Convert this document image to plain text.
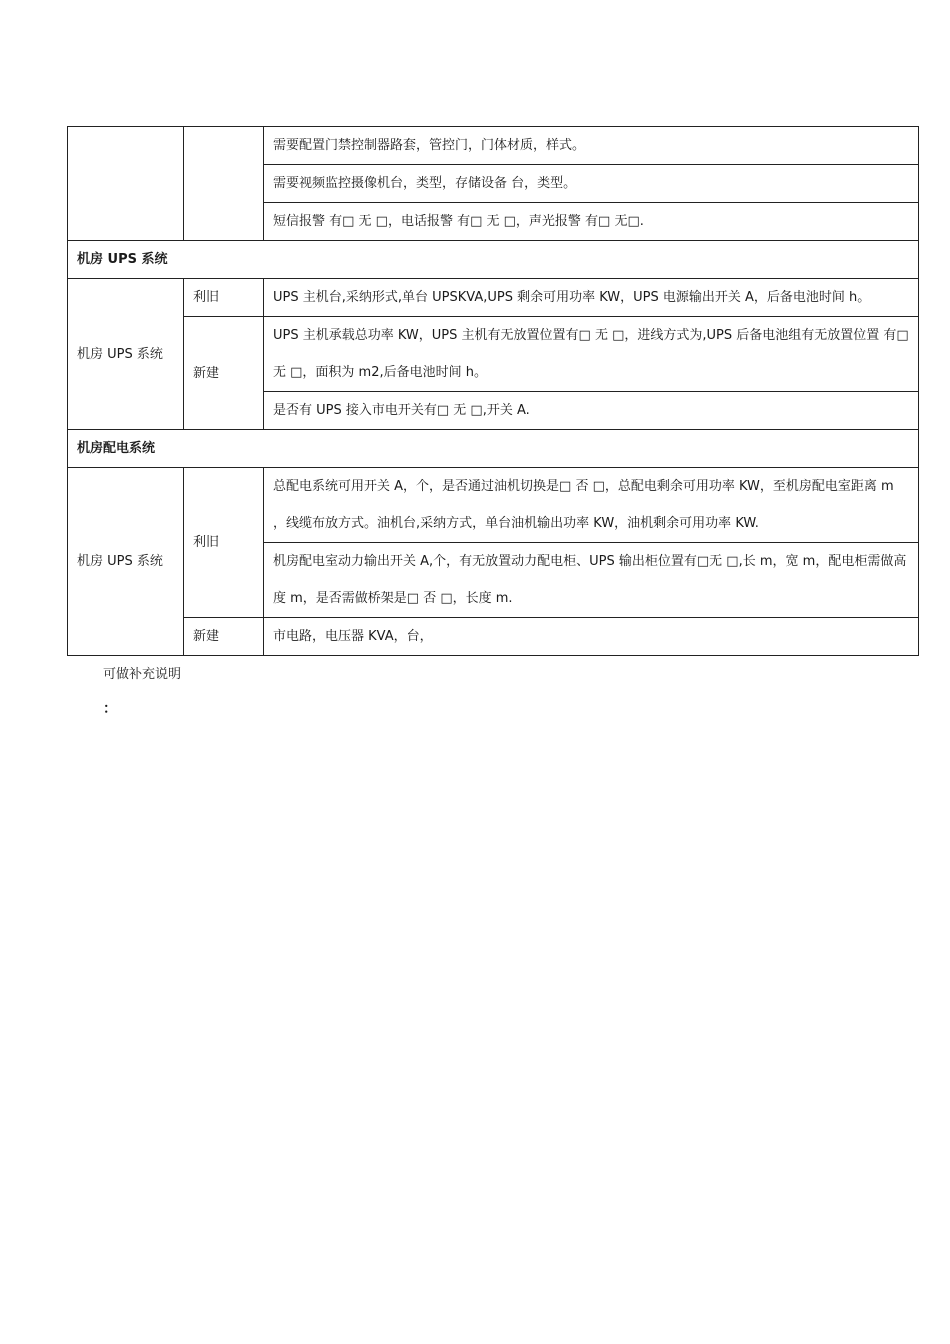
		需要配置门禁控制器路套，管控门，门体材质，样式。
		需要视频监控摄像机台，类型，存储设备 台，类型。
		短信报警 有□ 无 □，电话报警 有□ 无 □，声光报警 有□ 无□.
机房 UPS 系统		
机房 UPS 系统	利旧	UPS 主机台,采纳形式,单台 UPSKVA,UPS 剩余可用功率 KW，UPS 电源输出开关 A，后备电池时间 h。
	新建	UPS 主机承载总功率 KW，UPS 主机有无放置位置有□ 无 □，进线方式为,UPS 后备电池组有无放置位置 有□ 无 □，面积为 m2,后备电池时间 h。
		是否有 UPS 接入市电开关有□ 无 □,开关 A.
机房配电系统		
机房 UPS 系统	利旧	总配电系统可用开关 A，个，是否通过油机切换是□ 否 □，总配电剩余可用功率 KW，至机房配电室距离 m ，线缆布放方式。油机台,采纳方式，单台油机输出功率 KW，油机剩余可用功率 KW.
		机房配电室动力输出开关 A,个，有无放置动力配电柜、UPS 输出柜位置有□无 □,长 m，宽 m，配电柜需做高度 m，是否需做桥架是□ 否 □，长度 m.
	新建	市电路，电压器 KVA，台，
可做补充说明
：
